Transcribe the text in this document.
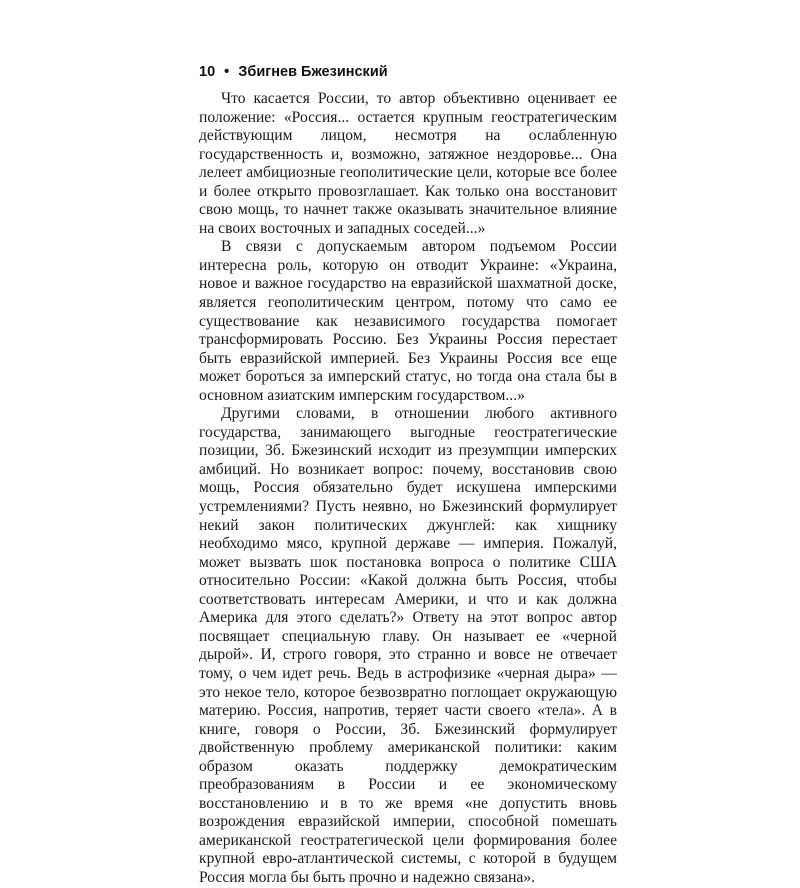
10 • Збигнев Бжезинский

Что касается России, то автор объективно оценивает ее положение: «Россия... остается крупным геостратегическим действующим лицом, несмотря на ослабленную государственность и, возможно, затяжное нездоровье... Она лелеет амбициозные геополитические цели, которые все более и более открыто провозглашает. Как только она восстановит свою мощь, то начнет также оказывать значительное влияние на своих восточных и западных соседей...»

В связи с допускаемым автором подъемом России интересна роль, которую он отводит Украине: «Украина, новое и важное государство на евразийской шахматной доске, является геополитическим центром, потому что само ее существование как независимого государства помогает трансформировать Россию. Без Украины Россия перестает быть евразийской империей. Без Украины Россия все еще может бороться за имперский статус, но тогда она стала бы в основном азиатским имперским государством...»

Другими словами, в отношении любого активного государства, занимающего выгодные геостратегические позиции, Зб. Бжезинский исходит из презумпции имперских амбиций. Но возникает вопрос: почему, восстановив свою мощь, Россия обязательно будет искушена имперскими устремлениями? Пусть неявно, но Бжезинский формулирует некий закон политических джунглей: как хищнику необходимо мясо, крупной державе — империя. Пожалуй, может вызвать шок постановка вопроса о политике США относительно России: «Какой должна быть Россия, чтобы соответствовать интересам Америки, и что и как должна Америка для этого сделать?» Ответу на этот вопрос автор посвящает специальную главу. Он называет ее «черной дырой». И, строго говоря, это странно и вовсе не отвечает тому, о чем идет речь. Ведь в астрофизике «черная дыра» — это некое тело, которое безвозвратно поглощает окружающую материю. Россия, напротив, теряет части своего «тела». А в книге, говоря о России, Зб. Бжезинский формулирует двойственную проблему американской политики: каким образом оказать поддержку демократическим преобразованиям в России и ее экономическому восстановлению и в то же время «не допустить вновь возрождения евразийской империи, способной помешать американской геостратегической цели формирования более крупной евро-атлантической системы, с которой в будущем Россия могла бы быть прочно и надежно связана».
